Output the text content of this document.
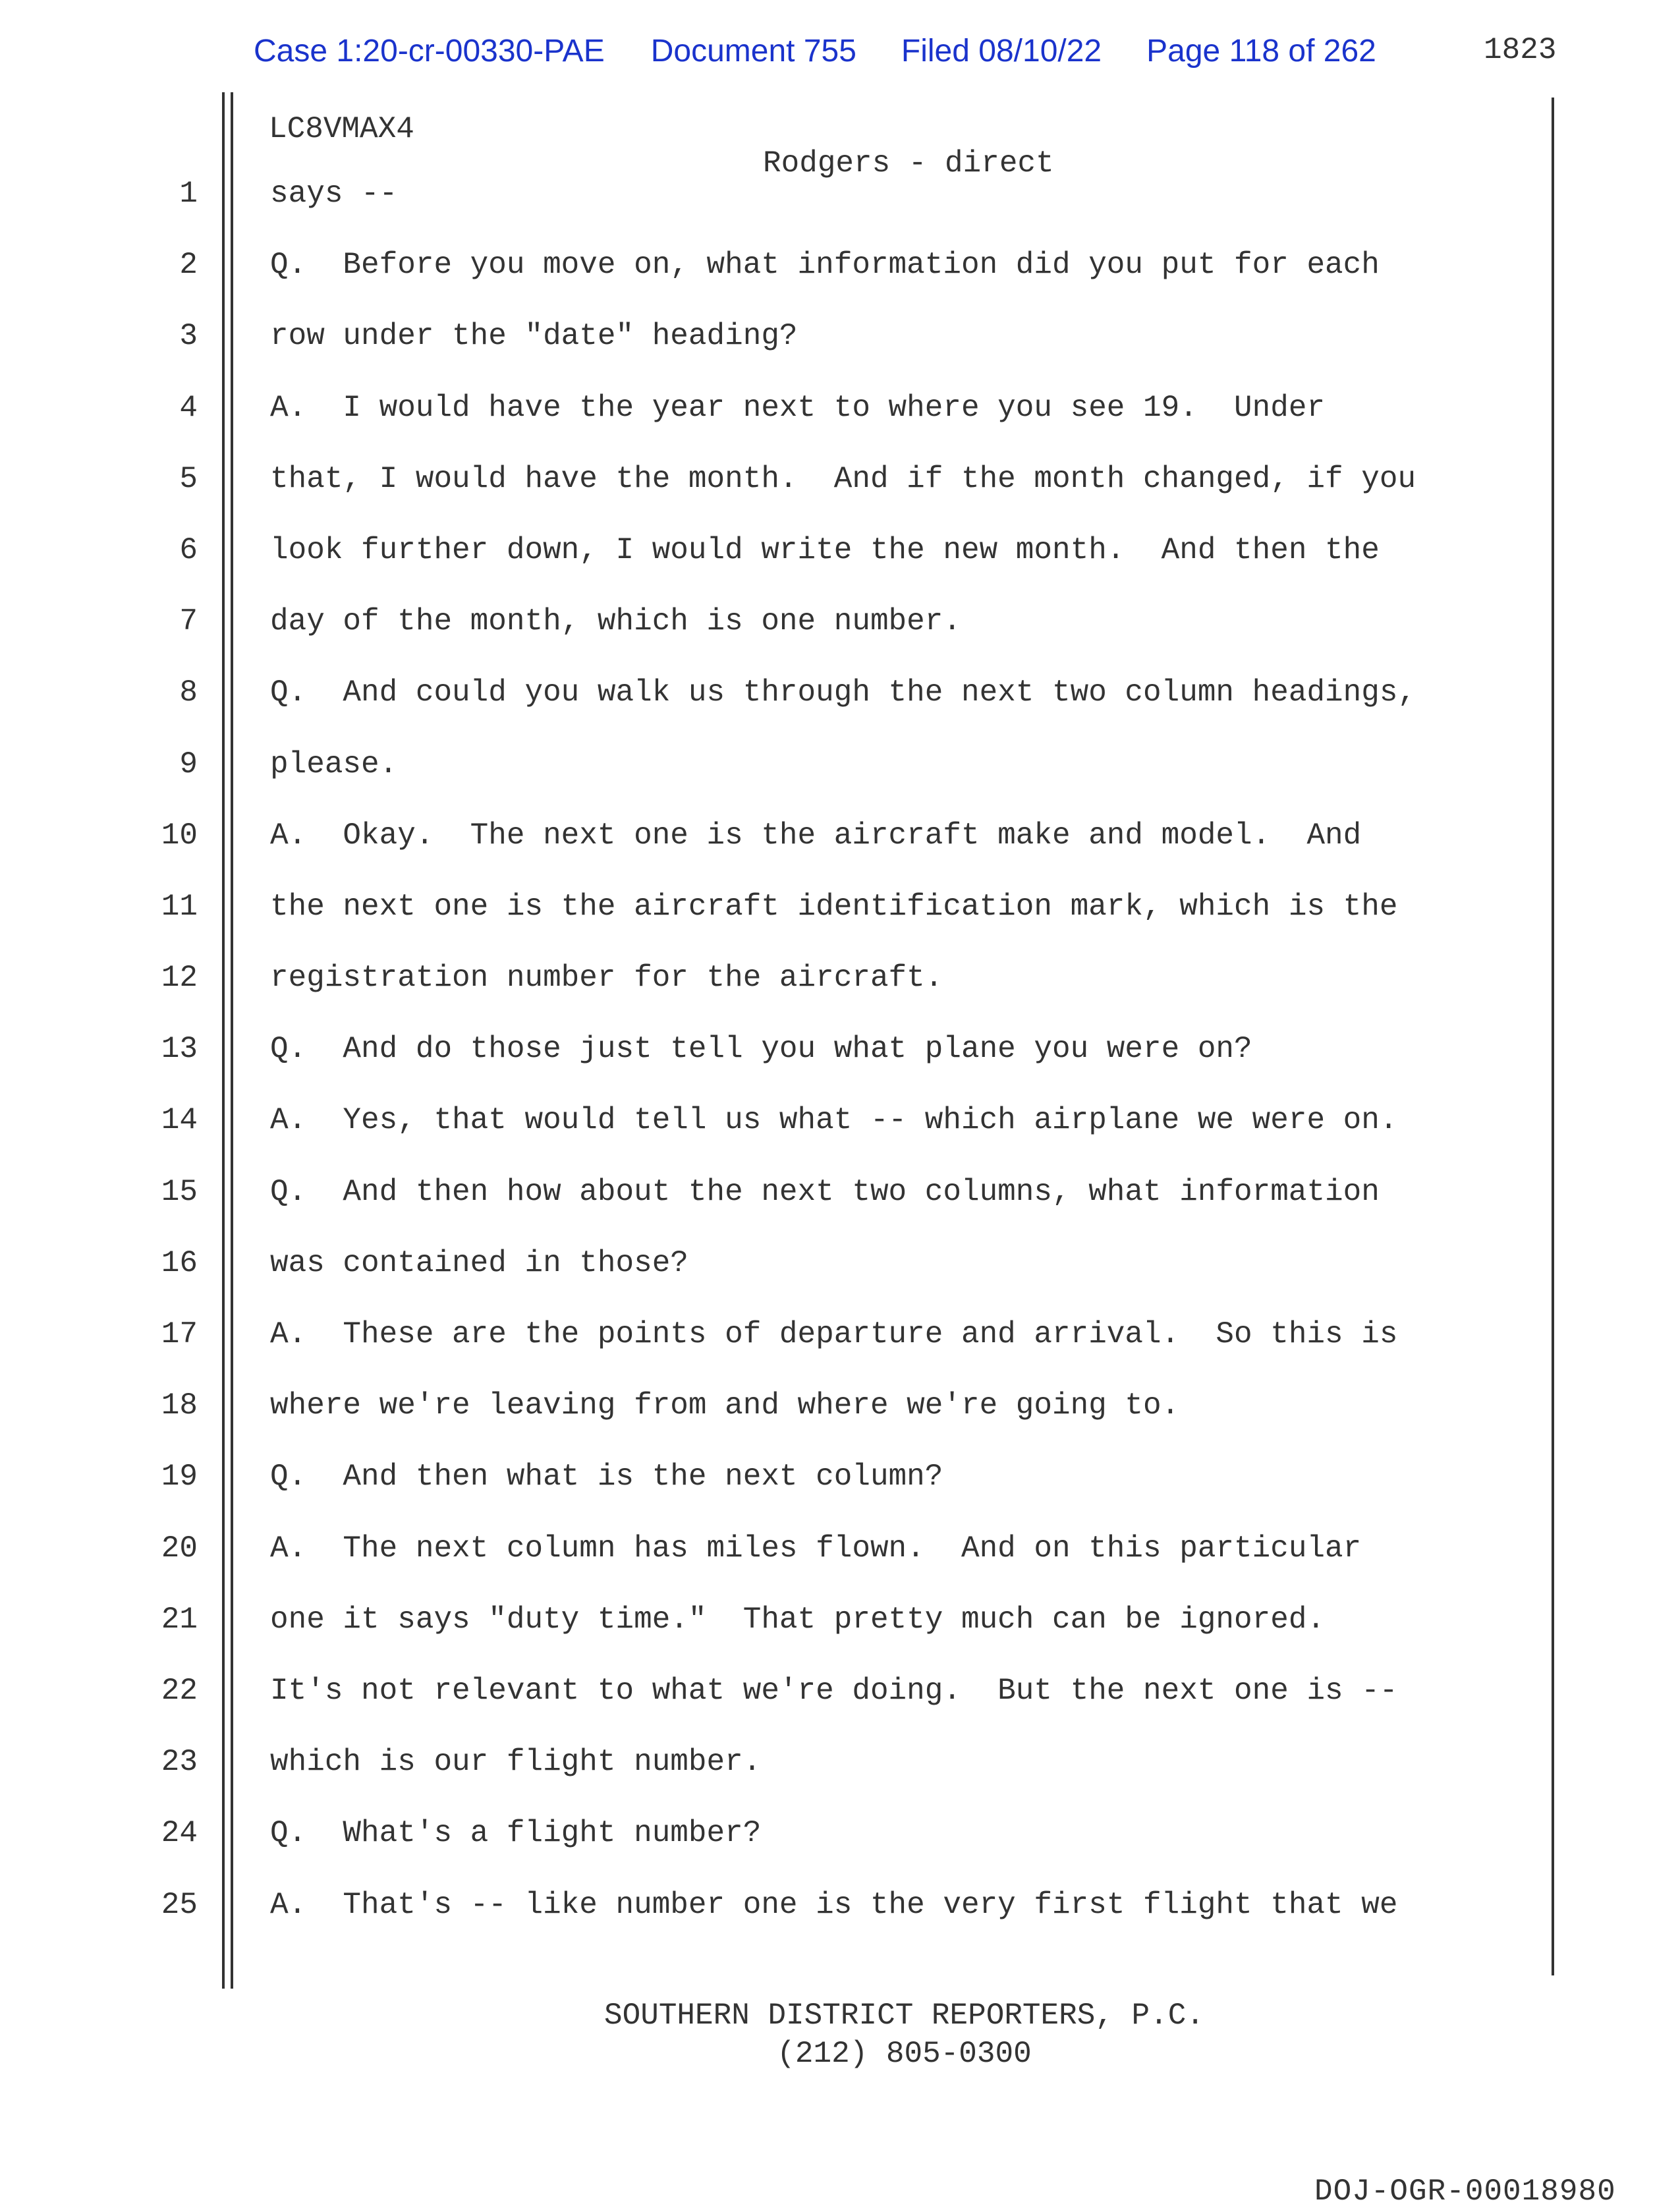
Case 1:20-cr-00330-PAE Document 755 Filed 08/10/22 Page 118 of 262	1823

LC8VMAX4

Rodgers - direct

1
2
3
4
5
6
7
8
9
10
11
12
13
14
15
16
17
18
19
20
21
22
23
24
25
says --
Q.  Before you move on, what information did you put for each
row under the "date" heading?
A.  I would have the year next to where you see 19.  Under
that, I would have the month.  And if the month changed, if you
look further down, I would write the new month.  And then the
day of the month, which is one number.
Q.  And could you walk us through the next two column headings,
please.
A.  Okay.  The next one is the aircraft make and model.  And
the next one is the aircraft identification mark, which is the
registration number for the aircraft.
Q.  And do those just tell you what plane you were on?
A.  Yes, that would tell us what -- which airplane we were on.
Q.  And then how about the next two columns, what information
was contained in those?
A.  These are the points of departure and arrival.  So this is
where we're leaving from and where we're going to.
Q.  And then what is the next column?
A.  The next column has miles flown.  And on this particular
one it says "duty time."  That pretty much can be ignored.
It's not relevant to what we're doing.  But the next one is --
which is our flight number.
Q.  What's a flight number?
A.  That's -- like number one is the very first flight that we
SOUTHERN DISTRICT REPORTERS, P.C.
(212) 805-0300
DOJ-OGR-00018980
